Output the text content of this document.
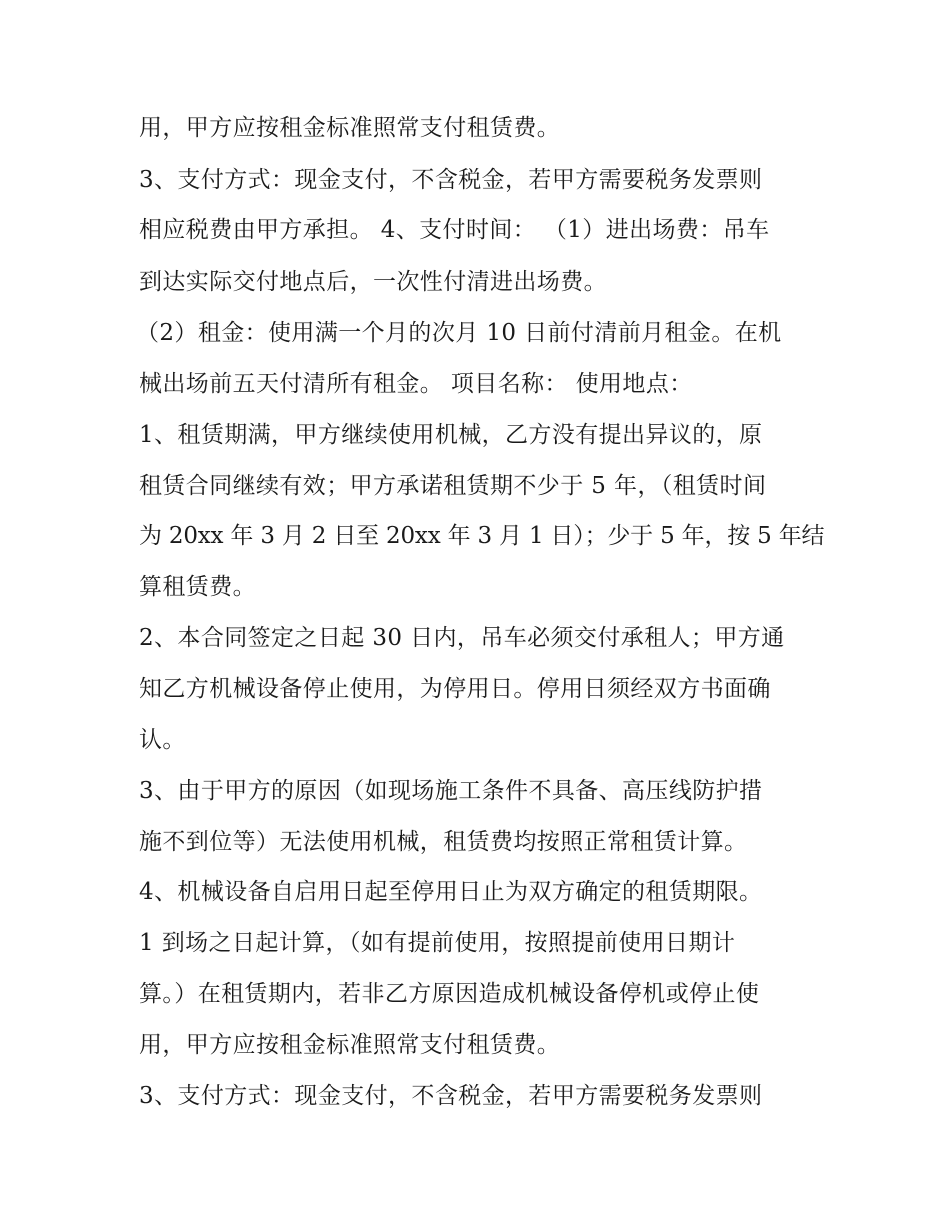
用，甲方应按租金标准照常支付租赁费。
3、支付方式：现金支付，不含税金，若甲方需要税务发票则
相应税费由甲方承担。 4、支付时间： （1）进出场费：吊车
到达实际交付地点后，一次性付清进出场费。
（2）租金：使用满一个月的次月 10 日前付清前月租金。在机
械出场前五天付清所有租金。 项目名称： 使用地点：
1、租赁期满，甲方继续使用机械，乙方没有提出异议的，原
租赁合同继续有效；甲方承诺租赁期不少于 5 年，（租赁时间
为 20xx 年 3 月 2 日至 20xx 年 3 月 1 日）；少于 5 年，按 5 年结
算租赁费。
2、本合同签定之日起 30 日内，吊车必须交付承租人；甲方通
知乙方机械设备停止使用，为停用日。停用日须经双方书面确
认。
3、由于甲方的原因（如现场施工条件不具备、高压线防护措
施不到位等）无法使用机械，租赁费均按照正常租赁计算。
4、机械设备自启用日起至停用日止为双方确定的租赁期限。
1 到场之日起计算，（如有提前使用，按照提前使用日期计
算。）在租赁期内，若非乙方原因造成机械设备停机或停止使
用，甲方应按租金标准照常支付租赁费。
3、支付方式：现金支付，不含税金，若甲方需要税务发票则
